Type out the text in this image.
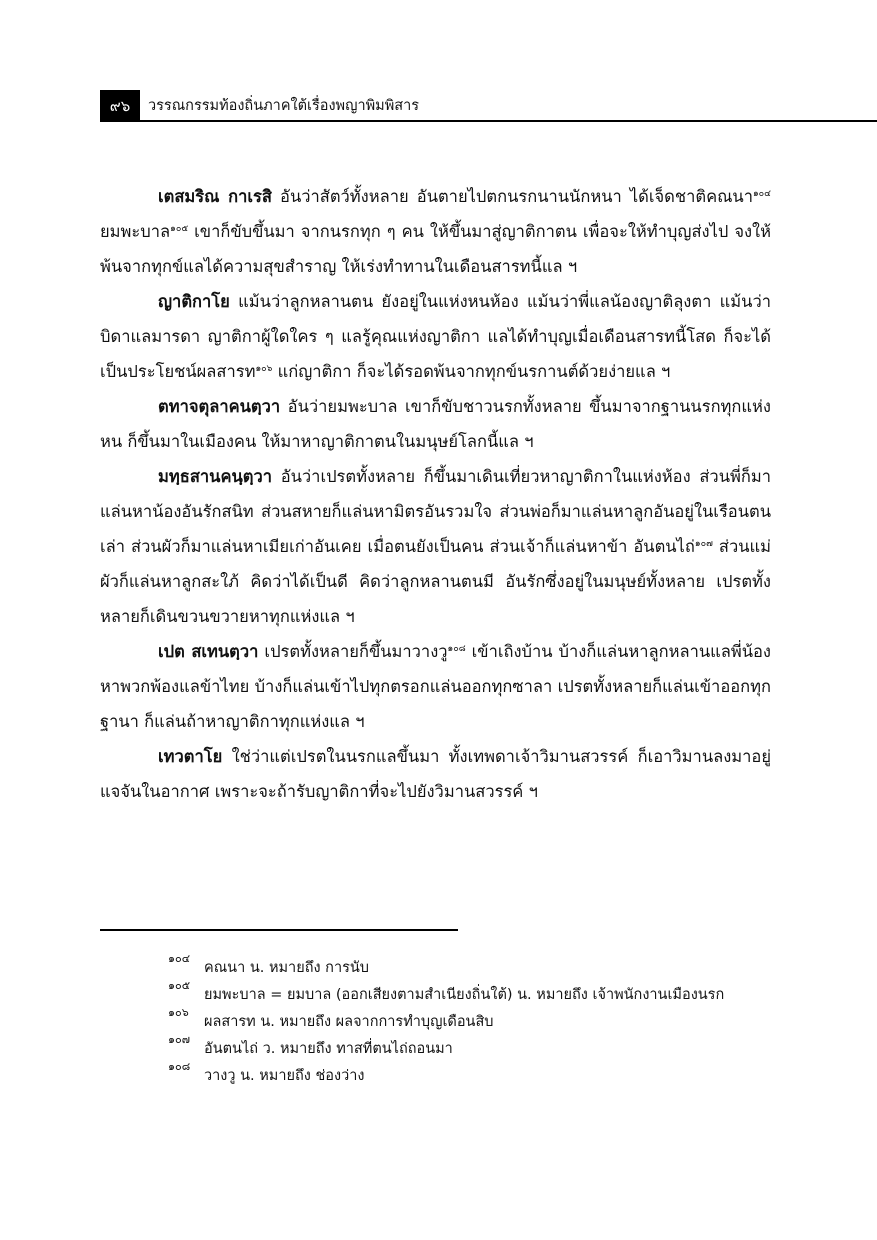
๙๖	วรรณกรรมท้องถิ่นภาคใต้เรื่องพญาพิมพิสาร

เตสมริณ กาเรสิ อันว่าสัตว์ทั้งหลาย อันตายไปตกนรกนานนักหนา ได้เจ็ดชาติคณนา$^{๑๐๔}$ ยมพะบาล$^{๑๐๕}$ เขาก็ขับขึ้นมา จากนรกทุก ๆ คน ให้ขึ้นมาสู่ญาติกาตน เพื่อจะให้ทำบุญส่งไป จงให้พ้นจากทุกข์แลได้ความสุขสำราญ ให้เร่งทำทานในเดือนสารทนี้แล ฯ

ญาติกาโย แม้นว่าลูกหลานตน ยังอยู่ในแห่งหนห้อง แม้นว่าพี่แลน้องญาติลุงตา แม้นว่าบิดาแลมารดา ญาติกาผู้ใดใคร ๆ แลรู้คุณแห่งญาติกา แลได้ทำบุญเมื่อเดือนสารทนี้โสด ก็จะได้เป็นประโยชน์ผลสารท$^{๑๐๖}$ แก่ญาติกา ก็จะได้รอดพ้นจากทุกข์นรกานต์ด้วยง่ายแล ฯ

ตทาจตุลาคนตฺวา อันว่ายมพะบาล เขาก็ขับชาวนรกทั้งหลาย ขึ้นมาจากฐานนรกทุกแห่งหน ก็ขึ้นมาในเมืองคน ให้มาหาญาติกาตนในมนุษย์โลกนี้แล ฯ

มทฺธสานคนฺตฺวา อันว่าเปรตทั้งหลาย ก็ขึ้นมาเดินเที่ยวหาญาติกาในแห่งห้อง ส่วนพี่ก็มาแล่นหาน้องอันรักสนิท ส่วนสหายก็แล่นหามิตรอันรวมใจ ส่วนพ่อก็มาแล่นหาลูกอันอยู่ในเรือนตนเล่า ส่วนผัวก็มาแล่นหาเมียเก่าอันเคย เมื่อตนยังเป็นคน ส่วนเจ้าก็แล่นหาข้า อันตนไถ่$^{๑๐๗}$ ส่วนแม่ผัวก็แล่นหาลูกสะใภ้ คิดว่าได้เป็นดี คิดว่าลูกหลานตนมี อันรักซึ่งอยู่ในมนุษย์ทั้งหลาย เปรตทั้งหลายก็เดินขวนขวายหาทุกแห่งแล ฯ

เปต สเทนตฺวา เปรตทั้งหลายก็ขึ้นมาวางวู$^{๑๐๘}$ เข้าเถิงบ้าน บ้างก็แล่นหาลูกหลานแลพี่น้องหาพวกพ้องแลข้าไทย บ้างก็แล่นเข้าไปทุกตรอกแล่นออกทุกซาลา เปรตทั้งหลายก็แล่นเข้าออกทุกฐานา ก็แล่นถ้าหาญาติกาทุกแห่งแล ฯ

เทวตาโย ใช่ว่าแต่เปรตในนรกแลขึ้นมา ทั้งเทพดาเจ้าวิมานสวรรค์ ก็เอาวิมานลงมาอยู่แจจันในอากาศ เพราะจะถ้ารับญาติกาที่จะไปยังวิมานสวรรค์ ฯ

๑๐๔
คณนา น. หมายถึง การนับ
๑๐๕
ยมพะบาล = ยมบาล (ออกเสียงตามสำเนียงถิ่นใต้) น. หมายถึง เจ้าพนักงานเมืองนรก
๑๐๖
ผลสารท น. หมายถึง ผลจากการทำบุญเดือนสิบ
๑๐๗
อันตนไถ่ ว. หมายถึง ทาสที่ตนไถ่ถอนมา
๑๐๘
วางวู น. หมายถึง ช่องว่าง
